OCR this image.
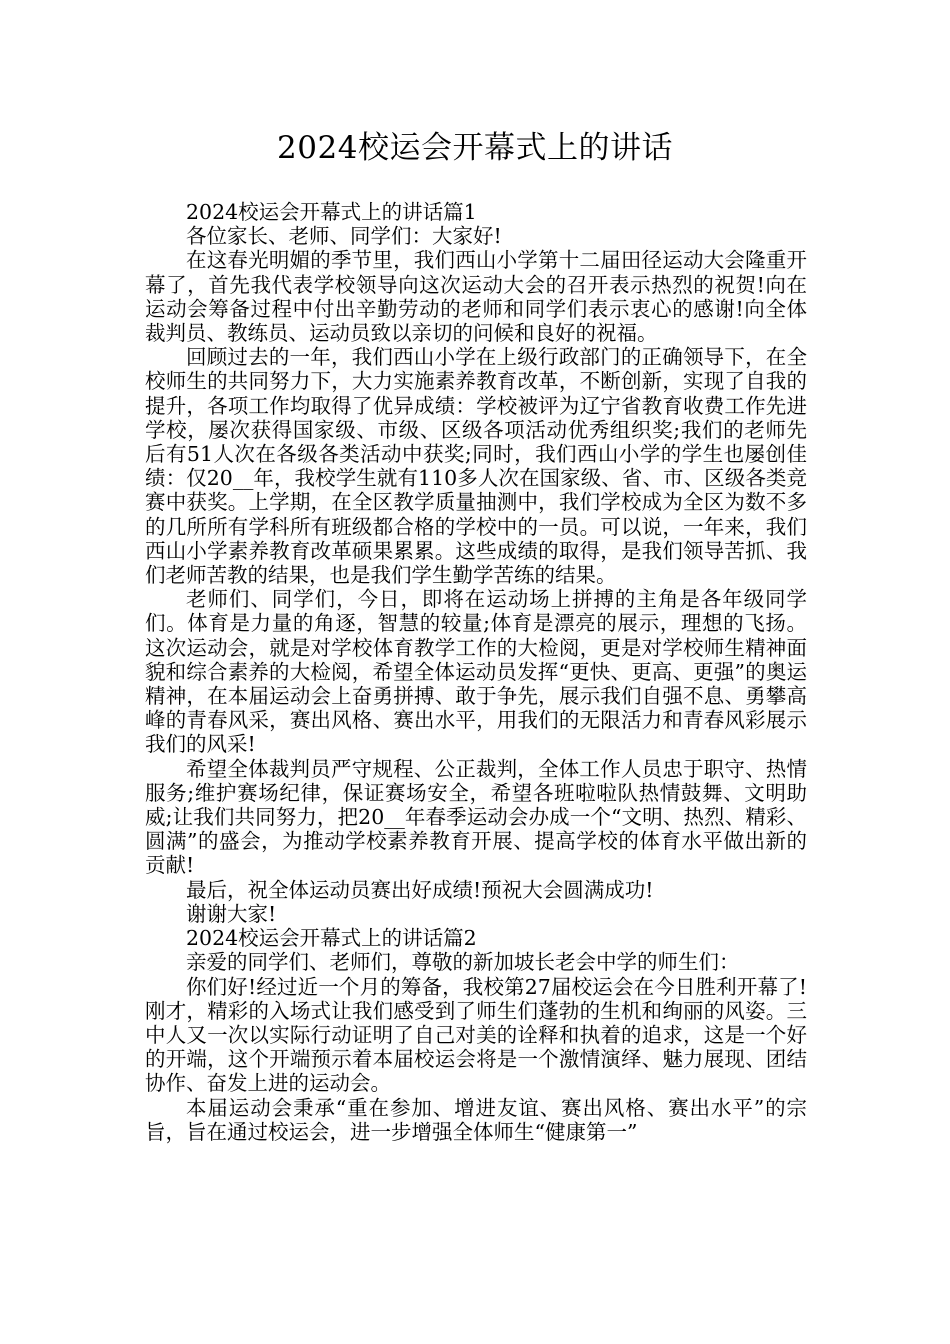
2024校运会开幕式上的讲话

2024校运会开幕式上的讲话篇1

各位家长、老师、同学们：大家好!

在这春光明媚的季节里，我们西山小学第十二届田径运动大会隆重开幕了，首先我代表学校领导向这次运动大会的召开表示热烈的祝贺!向在运动会筹备过程中付出辛勤劳动的老师和同学们表示衷心的感谢!向全体裁判员、教练员、运动员致以亲切的问候和良好的祝福。

回顾过去的一年，我们西山小学在上级行政部门的正确领导下，在全校师生的共同努力下，大力实施素养教育改革，不断创新，实现了自我的提升，各项工作均取得了优异成绩：学校被评为辽宁省教育收费工作先进学校，屡次获得国家级、市级、区级各项活动优秀组织奖;我们的老师先后有51人次在各级各类活动中获奖;同时，我们西山小学的学生也屡创佳绩：仅20__年，我校学生就有110多人次在国家级、省、市、区级各类竞赛中获奖。上学期，在全区教学质量抽测中，我们学校成为全区为数不多的几所所有学科所有班级都合格的学校中的一员。可以说，一年来，我们西山小学素养教育改革硕果累累。这些成绩的取得，是我们领导苦抓、我们老师苦教的结果，也是我们学生勤学苦练的结果。

老师们、同学们，今日，即将在运动场上拼搏的主角是各年级同学们。体育是力量的角逐，智慧的较量;体育是漂亮的展示，理想的飞扬。这次运动会，就是对学校体育教学工作的大检阅，更是对学校师生精神面貌和综合素养的大检阅，希望全体运动员发挥“更快、更高、更强”的奥运精神，在本届运动会上奋勇拼搏、敢于争先，展示我们自强不息、勇攀高峰的青春风采，赛出风格、赛出水平，用我们的无限活力和青春风彩展示我们的风采!

希望全体裁判员严守规程、公正裁判，全体工作人员忠于职守、热情服务;维护赛场纪律，保证赛场安全，希望各班啦啦队热情鼓舞、文明助威;让我们共同努力，把20__年春季运动会办成一个“文明、热烈、精彩、圆满”的盛会，为推动学校素养教育开展、提高学校的体育水平做出新的贡献!

最后，祝全体运动员赛出好成绩!预祝大会圆满成功!

谢谢大家!

2024校运会开幕式上的讲话篇2

亲爱的同学们、老师们，尊敬的新加坡长老会中学的师生们：

你们好!经过近一个月的筹备，我校第27届校运会在今日胜利开幕了!刚才，精彩的入场式让我们感受到了师生们蓬勃的生机和绚丽的风姿。三中人又一次以实际行动证明了自己对美的诠释和执着的追求，这是一个好的开端，这个开端预示着本届校运会将是一个激情演绎、魅力展现、团结协作、奋发上进的运动会。

本届运动会秉承“重在参加、增进友谊、赛出风格、赛出水平”的宗旨，旨在通过校运会，进一步增强全体师生“健康第一”
